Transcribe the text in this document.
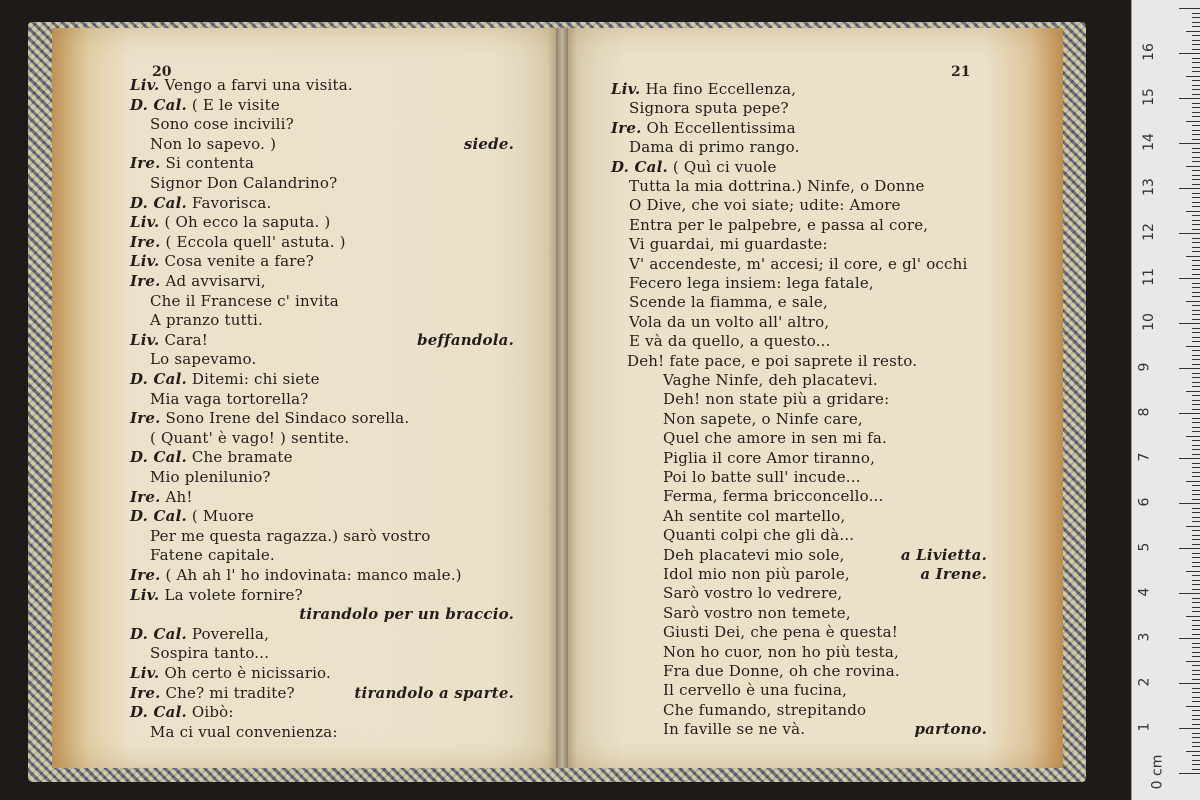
20
Liv. Vengo a farvi una visita.
D. Cal. ( E le visite
Sono cose incivili?
Non lo sapevo. )	siede.
Ire. Si contenta
Signor Don Calandrino?
D. Cal. Favorisca.
Liv. ( Oh ecco la saputa. )
Ire. ( Eccola quell' astuta. )
Liv. Cosa venite a fare?
Ire. Ad avvisarvi,
Che il Francese c' invita
A pranzo tutti.
Liv. Cara!	beffandola.
Lo sapevamo.
D. Cal. Ditemi: chi siete
Mia vaga tortorella?
Ire. Sono Irene del Sindaco sorella.
( Quant' è vago! ) sentite.
D. Cal. Che bramate
Mio plenilunio?
Ire. Ah!
D. Cal. ( Muore
Per me questa ragazza.) sarò vostro
Fatene capitale.
Ire. ( Ah ah l' ho indovinata: manco male.)
Liv. La volete fornire?
tirandolo per un braccio.
D. Cal. Poverella,
Sospira tanto...
Liv. Oh certo è nicissario.
Ire. Che? mi tradite?	tirandolo a sparte.
D. Cal. Oibò:
Ma ci vual convenienza:
21
Liv. Ha fino Eccellenza,
Signora sputa pepe?
Ire. Oh Eccellentissima
Dama di primo rango.
D. Cal. ( Quì ci vuole
Tutta la mia dottrina.) Ninfe, o Donne
O Dive, che voi siate; udite: Amore
Entra per le palpebre, e passa al core,
Vi guardai, mi guardaste:
V' accendeste, m' accesi; il core, e gl' occhi
Fecero lega insiem: lega fatale,
Scende la fiamma, e sale,
Vola da un volto all' altro,
E và da quello, a questo...
Deh! fate pace, e poi saprete il resto.
Vaghe Ninfe, deh placatevi.
Deh! non state più a gridare:
Non sapete, o Ninfe care,
Quel che amore in sen mi fa.
Piglia il core Amor tiranno,
Poi lo batte sull' incude...
Ferma, ferma bricconcello...
Ah sentite col martello,
Quanti colpi che gli dà...
Deh placatevi mio sole,	a Livietta.
Idol mio non più parole,	a Irene.
Sarò vostro lo vedrere,
Sarò vostro non temete,
Giusti Dei, che pena è questa!
Non ho cuor, non ho più testa,
Fra due Donne, oh che rovina.
Il cervello è una fucina,
Che fumando, strepitando
In faville se ne và.	partono.
0 cm
1
2
3
4
5
6
7
8
9
10
11
12
13
14
15
16
